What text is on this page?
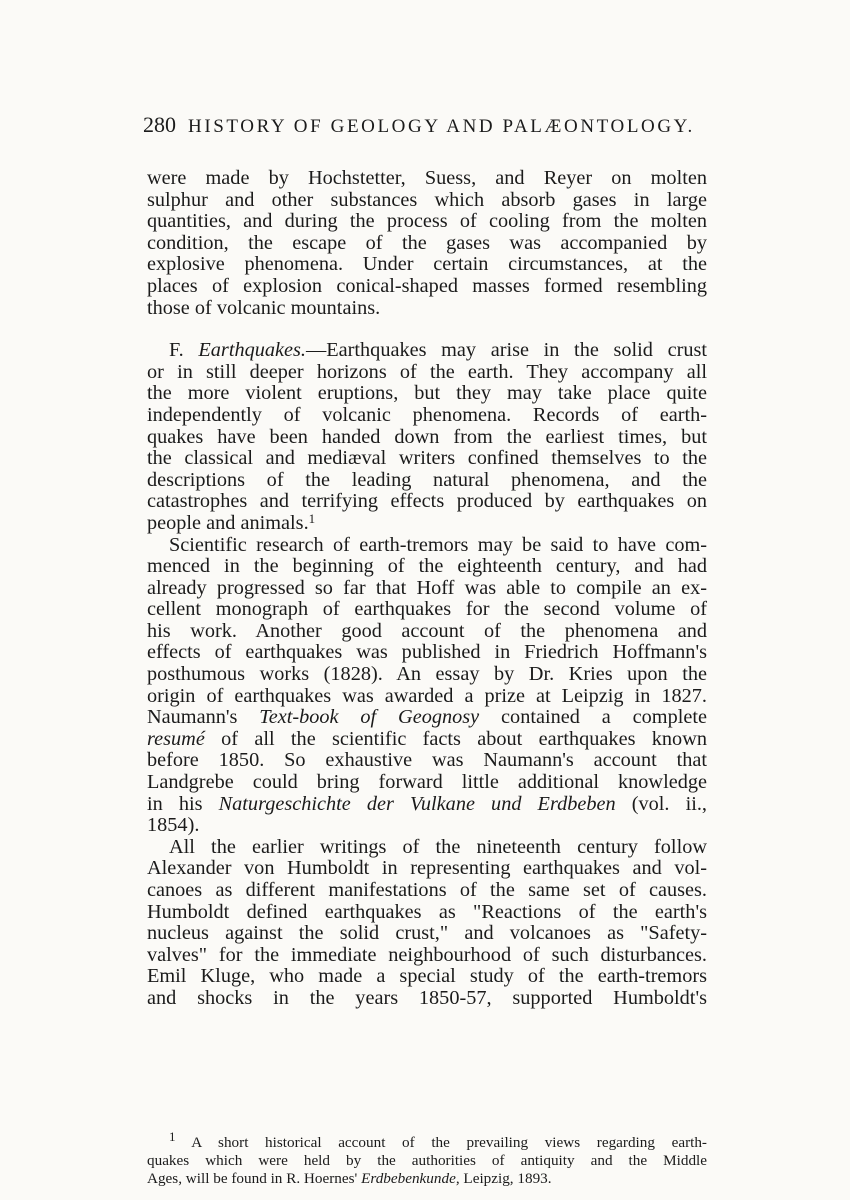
280 HISTORY OF GEOLOGY AND PALÆONTOLOGY.
were made by Hochstetter, Suess, and Reyer on molten
sulphur and other substances which absorb gases in large
quantities, and during the process of cooling from the molten
condition, the escape of the gases was accompanied by
explosive phenomena. Under certain circumstances, at the
places of explosion conical-shaped masses formed resembling
those of volcanic mountains.
F. Earthquakes.—Earthquakes may arise in the solid crust
or in still deeper horizons of the earth. They accompany all
the more violent eruptions, but they may take place quite
independently of volcanic phenomena. Records of earth-
quakes have been handed down from the earliest times, but
the classical and mediæval writers confined themselves to the
descriptions of the leading natural phenomena, and the
catastrophes and terrifying effects produced by earthquakes on
people and animals.$^1$
Scientific research of earth-tremors may be said to have com-
menced in the beginning of the eighteenth century, and had
already progressed so far that Hoff was able to compile an ex-
cellent monograph of earthquakes for the second volume of
his work. Another good account of the phenomena and
effects of earthquakes was published in Friedrich Hoffmann's
posthumous works (1828). An essay by Dr. Kries upon the
origin of earthquakes was awarded a prize at Leipzig in 1827.
Naumann's Text-book of Geognosy contained a complete
resumé of all the scientific facts about earthquakes known
before 1850. So exhaustive was Naumann's account that
Landgrebe could bring forward little additional knowledge
in his Naturgeschichte der Vulkane und Erdbeben (vol. ii.,
1854).
All the earlier writings of the nineteenth century follow
Alexander von Humboldt in representing earthquakes and vol-
canoes as different manifestations of the same set of causes.
Humboldt defined earthquakes as "Reactions of the earth's
nucleus against the solid crust," and volcanoes as "Safety-
valves" for the immediate neighbourhood of such disturbances.
Emil Kluge, who made a special study of the earth-tremors
and shocks in the years 1850-57, supported Humboldt's
$^1$ A short historical account of the prevailing views regarding earth-
quakes which were held by the authorities of antiquity and the Middle
Ages, will be found in R. Hoernes' Erdbebenkunde, Leipzig, 1893.
